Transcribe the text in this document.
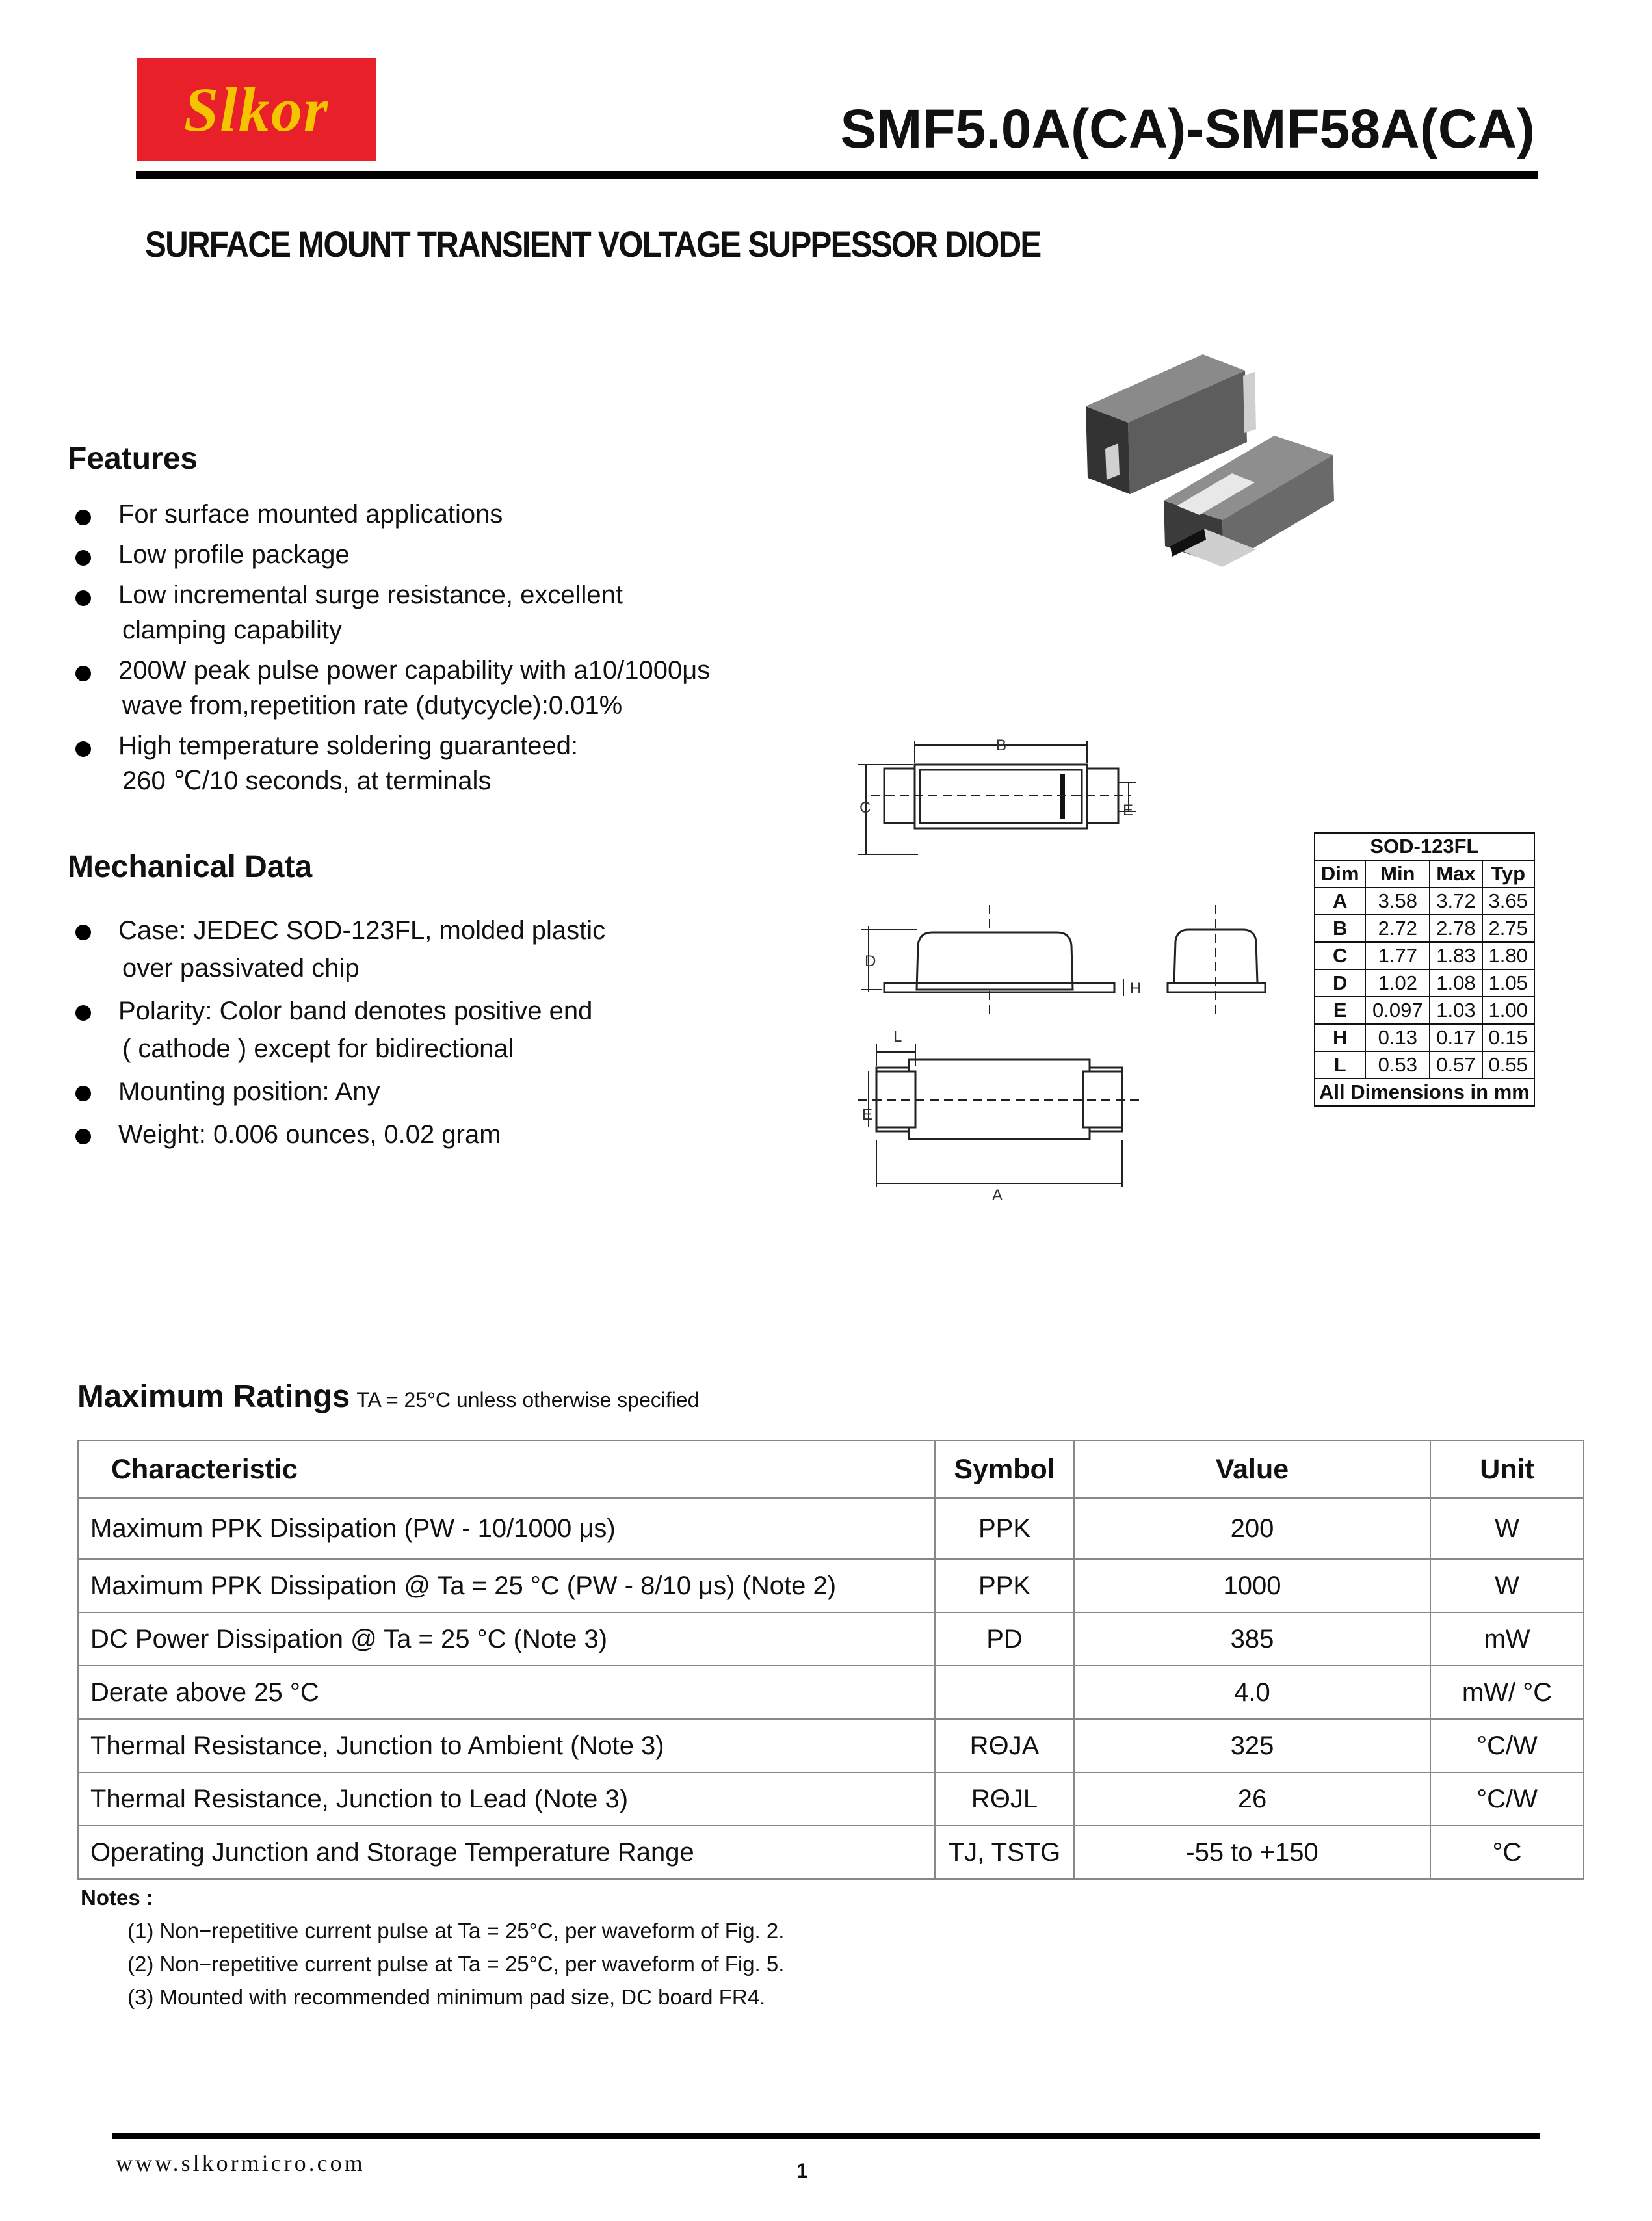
Slkor	SMF5.0A(CA)-SMF58A(CA)
SURFACE MOUNT TRANSIENT VOLTAGE SUPPESSOR DIODE
Features
For surface mounted applications
Low profile package
Low incremental surge resistance, excellent
clamping capability
200W peak pulse power capability with a10/1000μs
wave from,repetition rate (dutycycle):0.01%
High temperature soldering guaranteed:
260 ℃/10 seconds, at terminals
Mechanical Data
Case: JEDEC SOD-123FL, molded plastic
over passivated chip
Polarity: Color band denotes positive end
( cathode ) except for bidirectional
Mounting position: Any
Weight: 0.006 ounces, 0.02 gram
B
C	E
D
H
L
E
A
SOD-123FL			
Dim	Min	Max	Typ
A	3.58	3.72	3.65
B	2.72	2.78	2.75
C	1.77	1.83	1.80
D	1.02	1.08	1.05
E	0.097	1.03	1.00
H	0.13	0.17	0.15
L	0.53	0.57	0.55
All Dimensions in mm			
Maximum Ratings TA = 25°C unless otherwise specified
Characteristic	Symbol	Value	Unit
Maximum PPK Dissipation (PW - 10/1000 μs)	PPK	200	W
Maximum PPK Dissipation @ Ta = 25 °C (PW - 8/10 μs) (Note 2)	PPK	1000	W
DC Power Dissipation @ Ta = 25 °C (Note 3)	PD	385	mW
Derate above 25 °C		4.0	mW/ °C
Thermal Resistance, Junction to Ambient (Note 3)	RΘJA	325	°C/W
Thermal Resistance, Junction to Lead (Note 3)	RΘJL	26	°C/W
Operating Junction and Storage Temperature Range	TJ, TSTG	-55 to +150	°C
Notes :
(1) Non−repetitive current pulse at Ta = 25°C, per waveform of Fig. 2.
(2) Non−repetitive current pulse at Ta = 25°C, per waveform of Fig. 5.
(3) Mounted with recommended minimum pad size, DC board FR4.
www.slkormicro.com	1
